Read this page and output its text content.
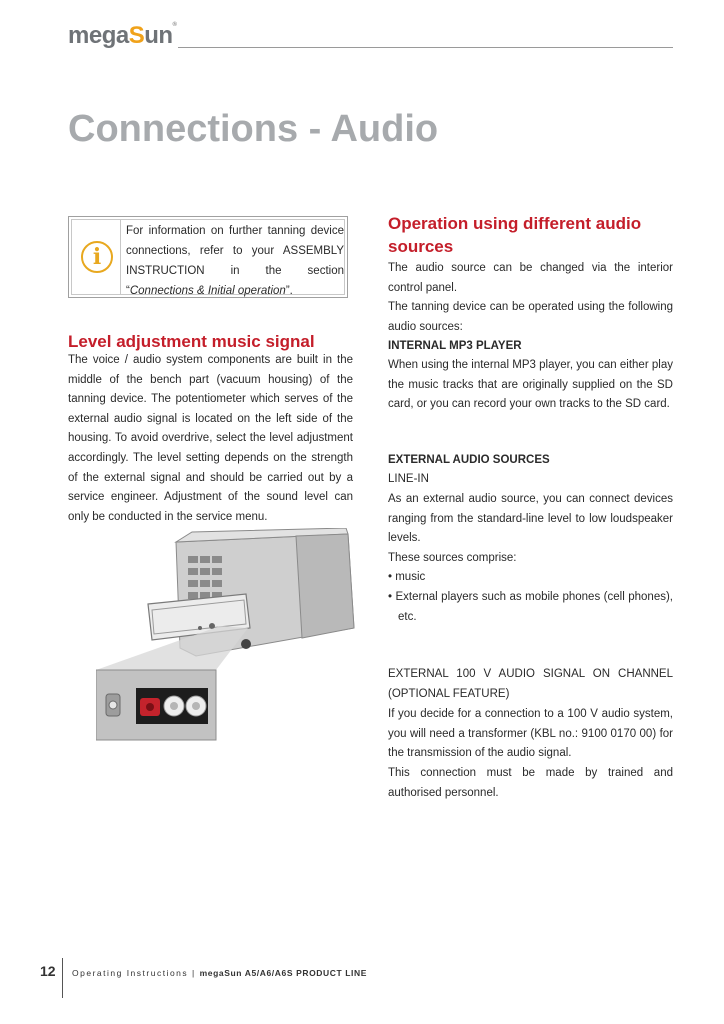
megaSun®
Connections - Audio
i

For information on further tanning device connections, refer to your ASSEMBLY INSTRUCTION in the section “Connections & Initial operation”.

Level adjustment music signal

The voice / audio system components are built in the middle of the bench part (vacuum housing) of the tanning device. The potentiometer which serves of the external audio signal is located on the left side of the housing. To avoid overdrive, select the level adjustment accordingly. The level setting depends on the strength of the external signal and should be carried out by a service engineer. Adjustment of the sound level can only be conducted in the service menu.

Operation using different audio sources

The audio source can be changed via the interior control panel.

The tanning device can be operated using the following audio sources:

INTERNAL MP3 PLAYER

When using the internal MP3 player, you can either play the music tracks that are originally supplied on the SD card, or you can record your own tracks to the SD card.

EXTERNAL AUDIO SOURCES

LINE-IN

As an external audio source, you can connect devices ranging from the standard-line level to low loudspeaker levels.

These sources comprise:

• music

• External players such as mobile phones (cell phones), etc.

EXTERNAL 100 V AUDIO SIGNAL ON CHANNEL (OPTIONAL FEATURE)

If you decide for a connection to a 100 V audio system, you will need a transformer (KBL no.: 9100 0170 00) for the transmission of the audio signal.

This connection must be made by trained and authorised personnel.

12 Operating Instructions | megaSun A5/A6/A6S PRODUCT LINE
